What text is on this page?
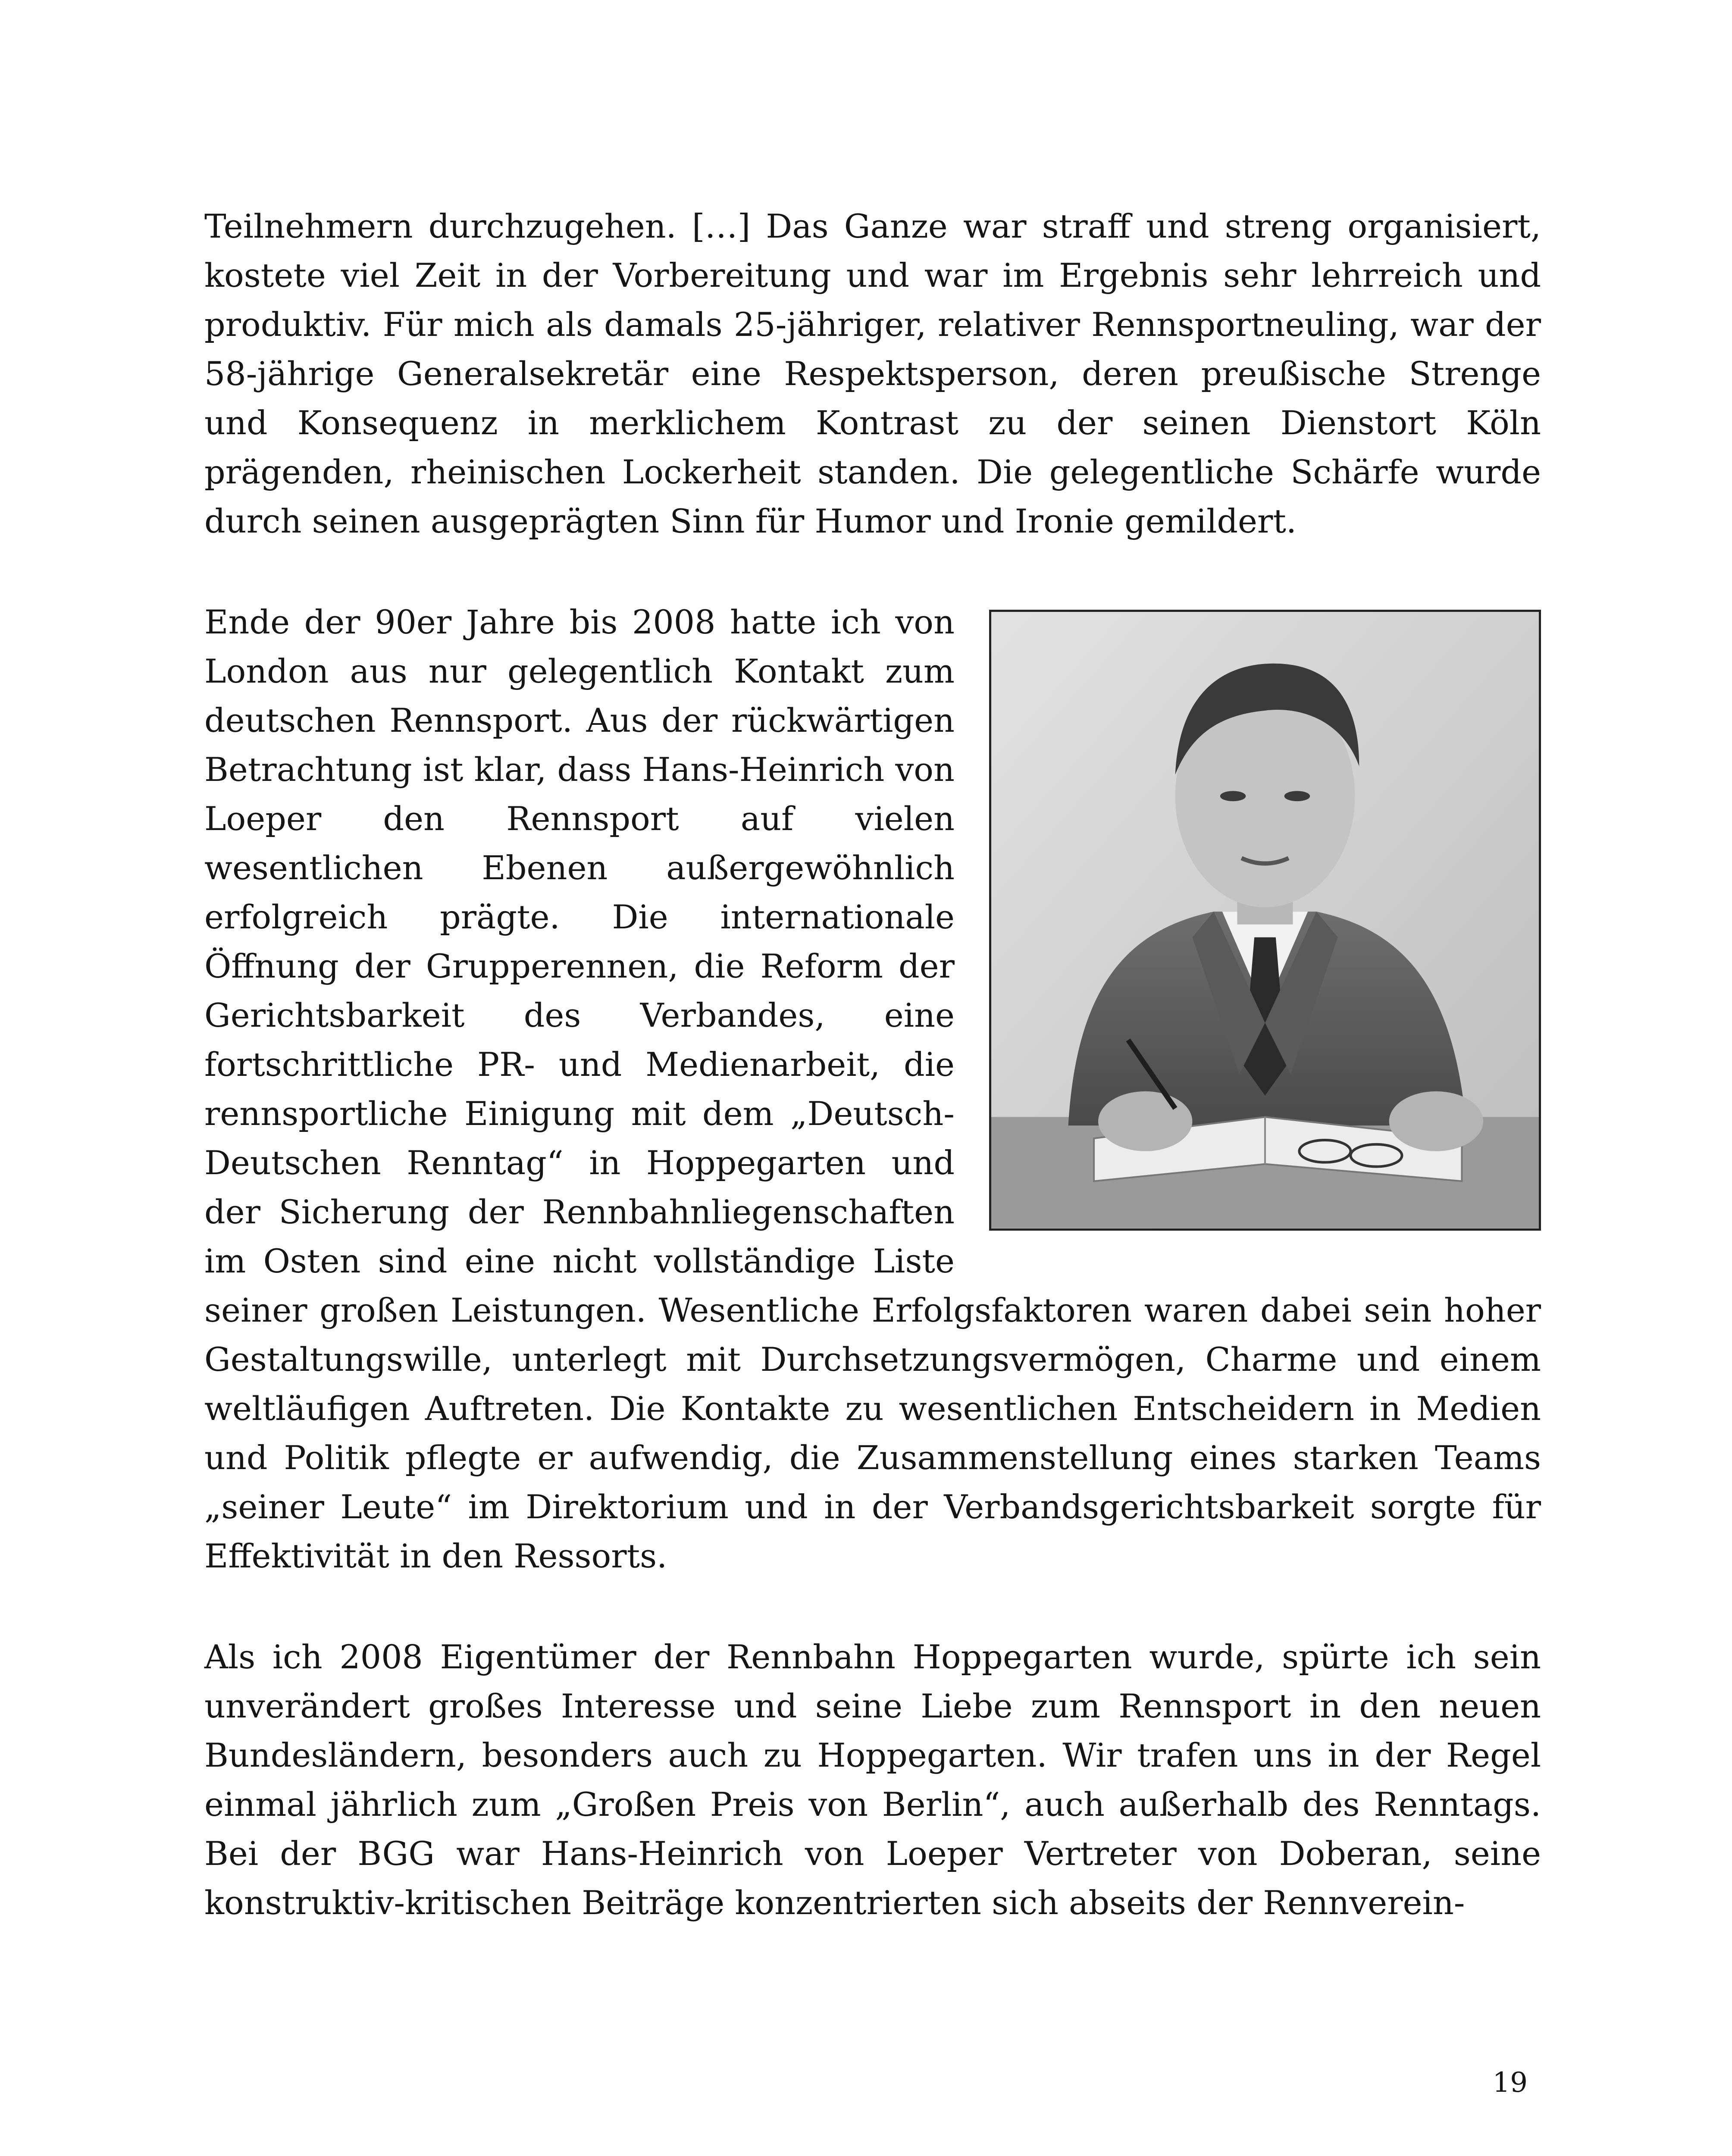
Teilnehmern durchzugehen. […] Das Ganze war straff und streng organisiert, kostete viel Zeit in der Vorbereitung und war im Ergebnis sehr lehrreich und produktiv. Für mich als damals 25-jähriger, relativer Rennsportneuling, war der 58-jährige Generalsekretär eine Respektsperson, deren preußische Strenge und Konsequenz in merklichem Kontrast zu der seinen Dienstort Köln prägenden, rheinischen Lockerheit standen. Die gelegentliche Schärfe wurde durch seinen ausgeprägten Sinn für Humor und Ironie gemildert.

Ende der 90er Jahre bis 2008 hatte ich von London aus nur gelegentlich Kontakt zum deutschen Rennsport. Aus der rückwärtigen Betrachtung ist klar, dass Hans-Heinrich von Loeper den Rennsport auf vielen wesentlichen Ebenen außergewöhnlich erfolgreich prägte. Die internationale Öffnung der Grupperennen, die Reform der Gerichtsbarkeit des Verbandes, eine fortschrittliche PR- und Medienarbeit, die rennsportliche Einigung mit dem „Deutsch-Deutschen Renntag“ in Hoppegarten und der Sicherung der Rennbahnliegenschaften im Osten sind eine nicht vollständige Liste seiner großen Leistungen. Wesentliche Erfolgsfaktoren waren dabei sein hoher Gestaltungswille, unterlegt mit Durchsetzungsvermögen, Charme und einem weltläufigen Auftreten. Die Kontakte zu wesentlichen Entscheidern in Medien und Politik pflegte er aufwendig, die Zusammenstellung eines starken Teams „seiner Leute“ im Direktorium und in der Verbandsgerichtsbarkeit sorgte für Effektivität in den Ressorts.

Als ich 2008 Eigentümer der Rennbahn Hoppegarten wurde, spürte ich sein unverändert großes Interesse und seine Liebe zum Rennsport in den neuen Bundesländern, besonders auch zu Hoppegarten. Wir trafen uns in der Regel einmal jährlich zum „Großen Preis von Berlin“, auch außerhalb des Renntags. Bei der BGG war Hans-Heinrich von Loeper Vertreter von Doberan, seine konstruktiv-kritischen Beiträge konzentrierten sich abseits der Rennverein-

19
